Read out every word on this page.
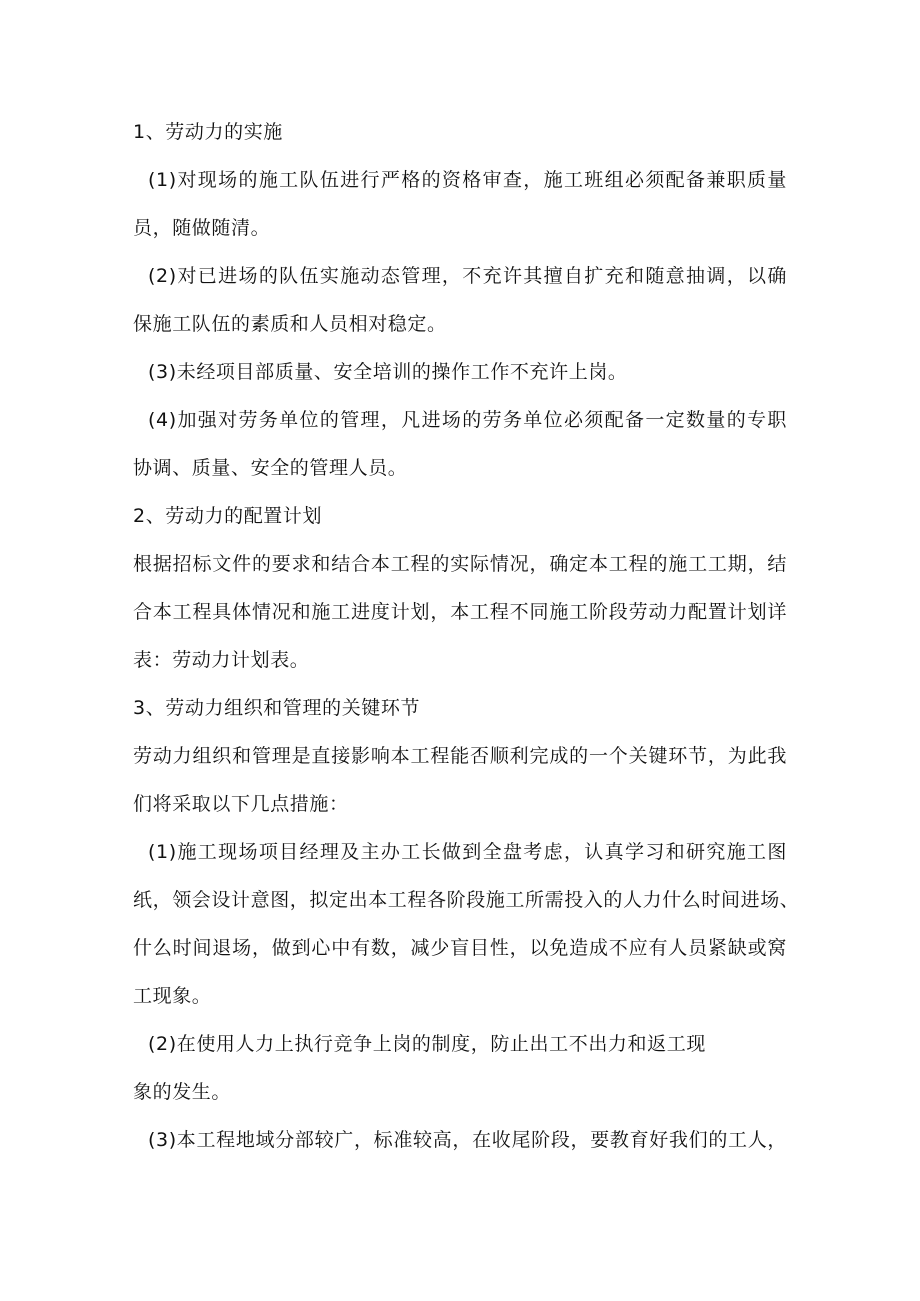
1、劳动力的实施
(1)对现场的施工队伍进行严格的资格审查，施工班组必须配备兼职质量
员，随做随清。
(2)对已进场的队伍实施动态管理，不充许其擅自扩充和随意抽调，以确
保施工队伍的素质和人员相对稳定。
(3)未经项目部质量、安全培训的操作工作不充许上岗。
(4)加强对劳务单位的管理，凡进场的劳务单位必须配备一定数量的专职
协调、质量、安全的管理人员。
2、劳动力的配置计划
根据招标文件的要求和结合本工程的实际情况，确定本工程的施工工期，结
合本工程具体情况和施工进度计划，本工程不同施工阶段劳动力配置计划详
表：劳动力计划表。
3、劳动力组织和管理的关键环节
劳动力组织和管理是直接影响本工程能否顺利完成的一个关键环节，为此我
们将采取以下几点措施：
(1)施工现场项目经理及主办工长做到全盘考虑，认真学习和研究施工图
纸，领会设计意图，拟定出本工程各阶段施工所需投入的人力什么时间进场、
什么时间退场，做到心中有数，减少盲目性，以免造成不应有人员紧缺或窝
工现象。
(2)在使用人力上执行竞争上岗的制度，防止出工不出力和返工现
象的发生。
(3)本工程地域分部较广，标准较高，在收尾阶段，要教育好我们的工人，
